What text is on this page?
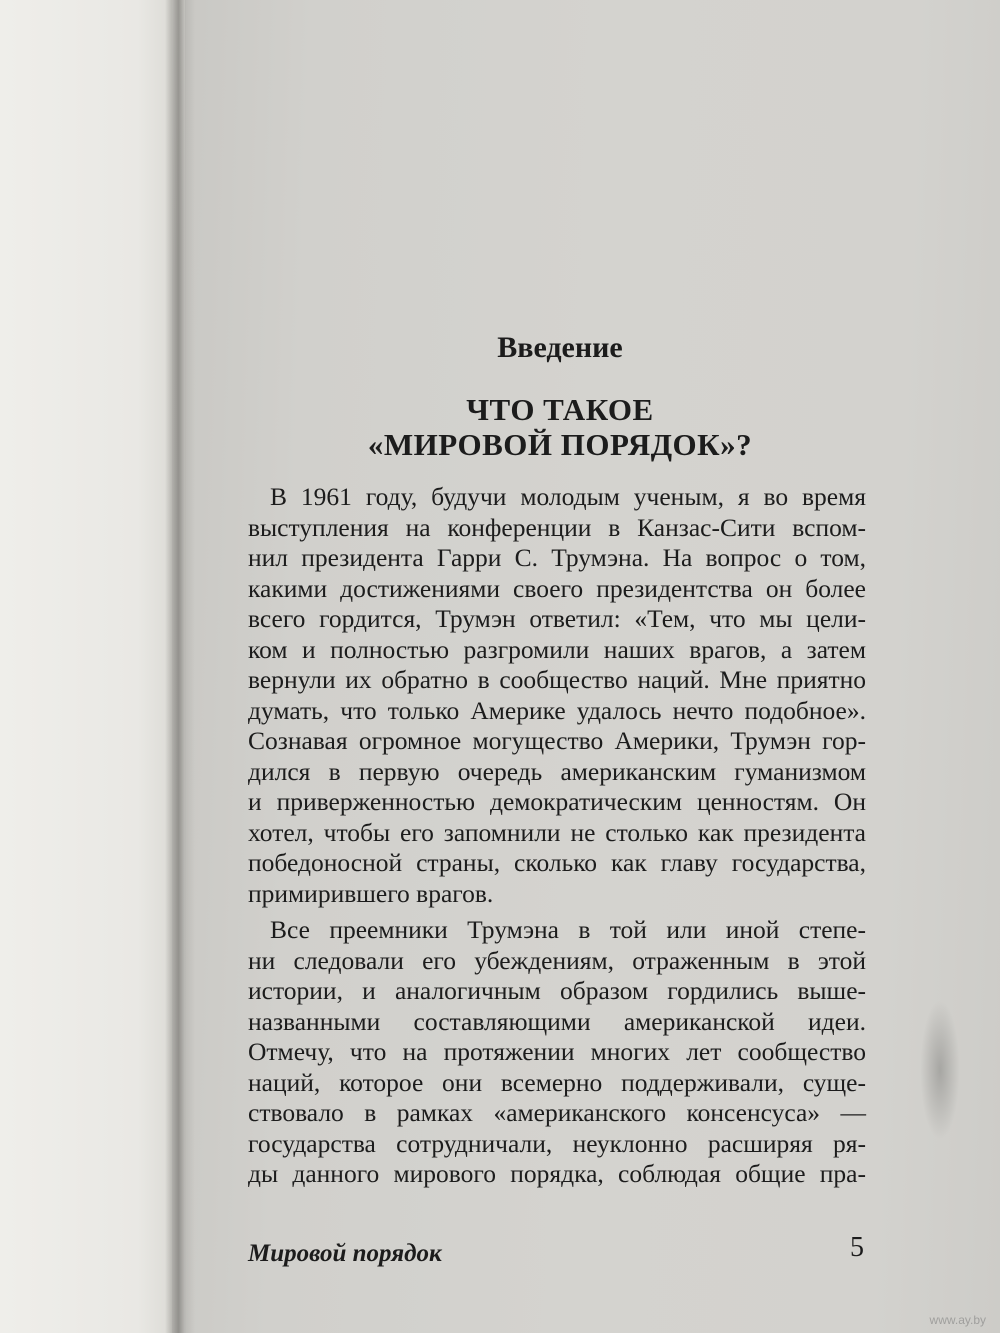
Введение
ЧТО ТАКОЕ
«МИРОВОЙ ПОРЯДОК»?
В 1961 году, будучи молодым ученым, я во время
выступления на конференции в Канзас-Сити вспом-
нил президента Гарри С. Трумэна. На вопрос о том,
какими достижениями своего президентства он более
всего гордится, Трумэн ответил: «Тем, что мы цели-
ком и полностью разгромили наших врагов, а затем
вернули их обратно в сообщество наций. Мне приятно
думать, что только Америке удалось нечто подобное».
Сознавая огромное могущество Америки, Трумэн гор-
дился в первую очередь американским гуманизмом
и приверженностью демократическим ценностям. Он
хотел, чтобы его запомнили не столько как президента
победоносной страны, сколько как главу государства,
примирившего врагов.
Все преемники Трумэна в той или иной степе-
ни следовали его убеждениям, отраженным в этой
истории, и аналогичным образом гордились выше-
названными составляющими американской идеи.
Отмечу, что на протяжении многих лет сообщество
наций, которое они всемерно поддерживали, суще-
ствовало в рамках «американского консенсуса» —
государства сотрудничали, неуклонно расширяя ря-
ды данного мирового порядка, соблюдая общие пра-
Мировой порядок	5
www.ay.by
